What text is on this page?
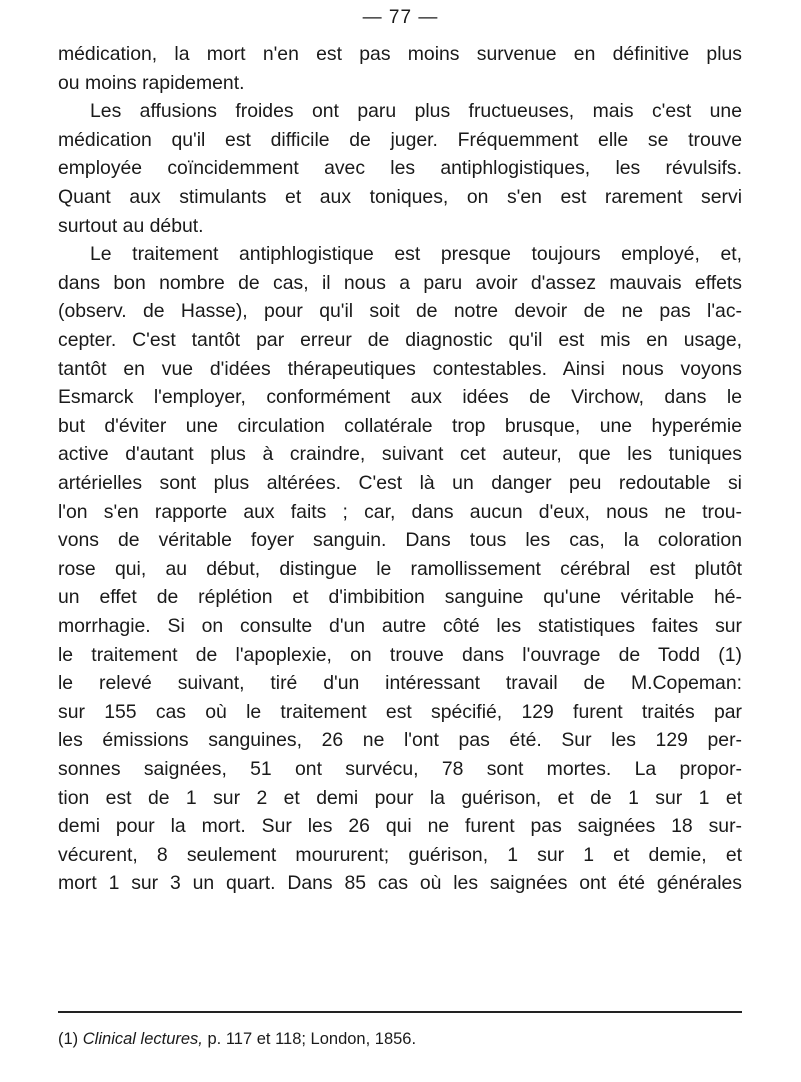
— 77 —
médication, la mort n'en est pas moins survenue en définitive plus
ou moins rapidement.
Les affusions froides ont paru plus fructueuses, mais c'est une
médication qu'il est difficile de juger. Fréquemment elle se trouve
employée coïncidemment avec les antiphlogistiques, les révulsifs.
Quant aux stimulants et aux toniques, on s'en est rarement servi
surtout au début.
Le traitement antiphlogistique est presque toujours employé, et,
dans bon nombre de cas, il nous a paru avoir d'assez mauvais effets
(observ. de Hasse), pour qu'il soit de notre devoir de ne pas l'ac-
cepter. C'est tantôt par erreur de diagnostic qu'il est mis en usage,
tantôt en vue d'idées thérapeutiques contestables. Ainsi nous voyons
Esmarck l'employer, conformément aux idées de Virchow, dans le
but d'éviter une circulation collatérale trop brusque, une hyperémie
active d'autant plus à craindre, suivant cet auteur, que les tuniques
artérielles sont plus altérées. C'est là un danger peu redoutable si
l'on s'en rapporte aux faits ; car, dans aucun d'eux, nous ne trou-
vons de véritable foyer sanguin. Dans tous les cas, la coloration
rose qui, au début, distingue le ramollissement cérébral est plutôt
un effet de réplétion et d'imbibition sanguine qu'une véritable hé-
morrhagie. Si on consulte d'un autre côté les statistiques faites sur
le traitement de l'apoplexie, on trouve dans l'ouvrage de Todd (1)
le relevé suivant, tiré d'un intéressant travail de M.Copeman:
sur 155 cas où le traitement est spécifié, 129 furent traités par
les émissions sanguines, 26 ne l'ont pas été. Sur les 129 per-
sonnes saignées, 51 ont survécu, 78 sont mortes. La propor-
tion est de 1 sur 2 et demi pour la guérison, et de 1 sur 1 et
demi pour la mort. Sur les 26 qui ne furent pas saignées 18 sur-
vécurent, 8 seulement moururent; guérison, 1 sur 1 et demie, et
mort 1 sur 3 un quart. Dans 85 cas où les saignées ont été générales
(1) Clinical lectures, p. 117 et 118; London, 1856.
